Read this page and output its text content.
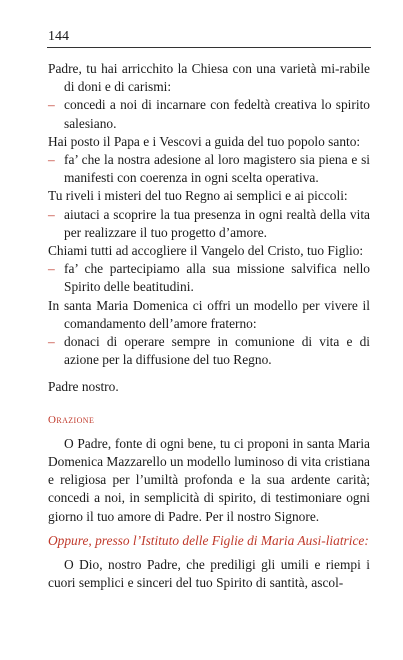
144

Padre, tu hai arricchito la Chiesa con una varietà mi-rabile di doni e di carismi:

– concedi a noi di incarnare con fedeltà creativa lo spirito salesiano.

Hai posto il Papa e i Vescovi a guida del tuo popolo santo:

– fa’ che la nostra adesione al loro magistero sia piena e si manifesti con coerenza in ogni scelta operativa.

Tu riveli i misteri del tuo Regno ai semplici e ai piccoli:

– aiutaci a scoprire la tua presenza in ogni realtà della vita per realizzare il tuo progetto d’amore.

Chiami tutti ad accogliere il Vangelo del Cristo, tuo Figlio:

– fa’ che partecipiamo alla sua missione salvifica nello Spirito delle beatitudini.

In santa Maria Domenica ci offri un modello per vivere il comandamento dell’amore fraterno:

– donaci di operare sempre in comunione di vita e di azione per la diffusione del tuo Regno.

Padre nostro.

Orazione

O Padre, fonte di ogni bene, tu ci proponi in santa Maria Domenica Mazzarello un modello luminoso di vita cristiana e religiosa per l’umiltà profonda e la sua ardente carità; concedi a noi, in semplicità di spirito, di testimoniare ogni giorno il tuo amore di Padre. Per il nostro Signore.

Oppure, presso l’Istituto delle Figlie di Maria Ausi-liatrice:

O Dio, nostro Padre, che prediligi gli umili e riempi i cuori semplici e sinceri del tuo Spirito di santità, ascol-
